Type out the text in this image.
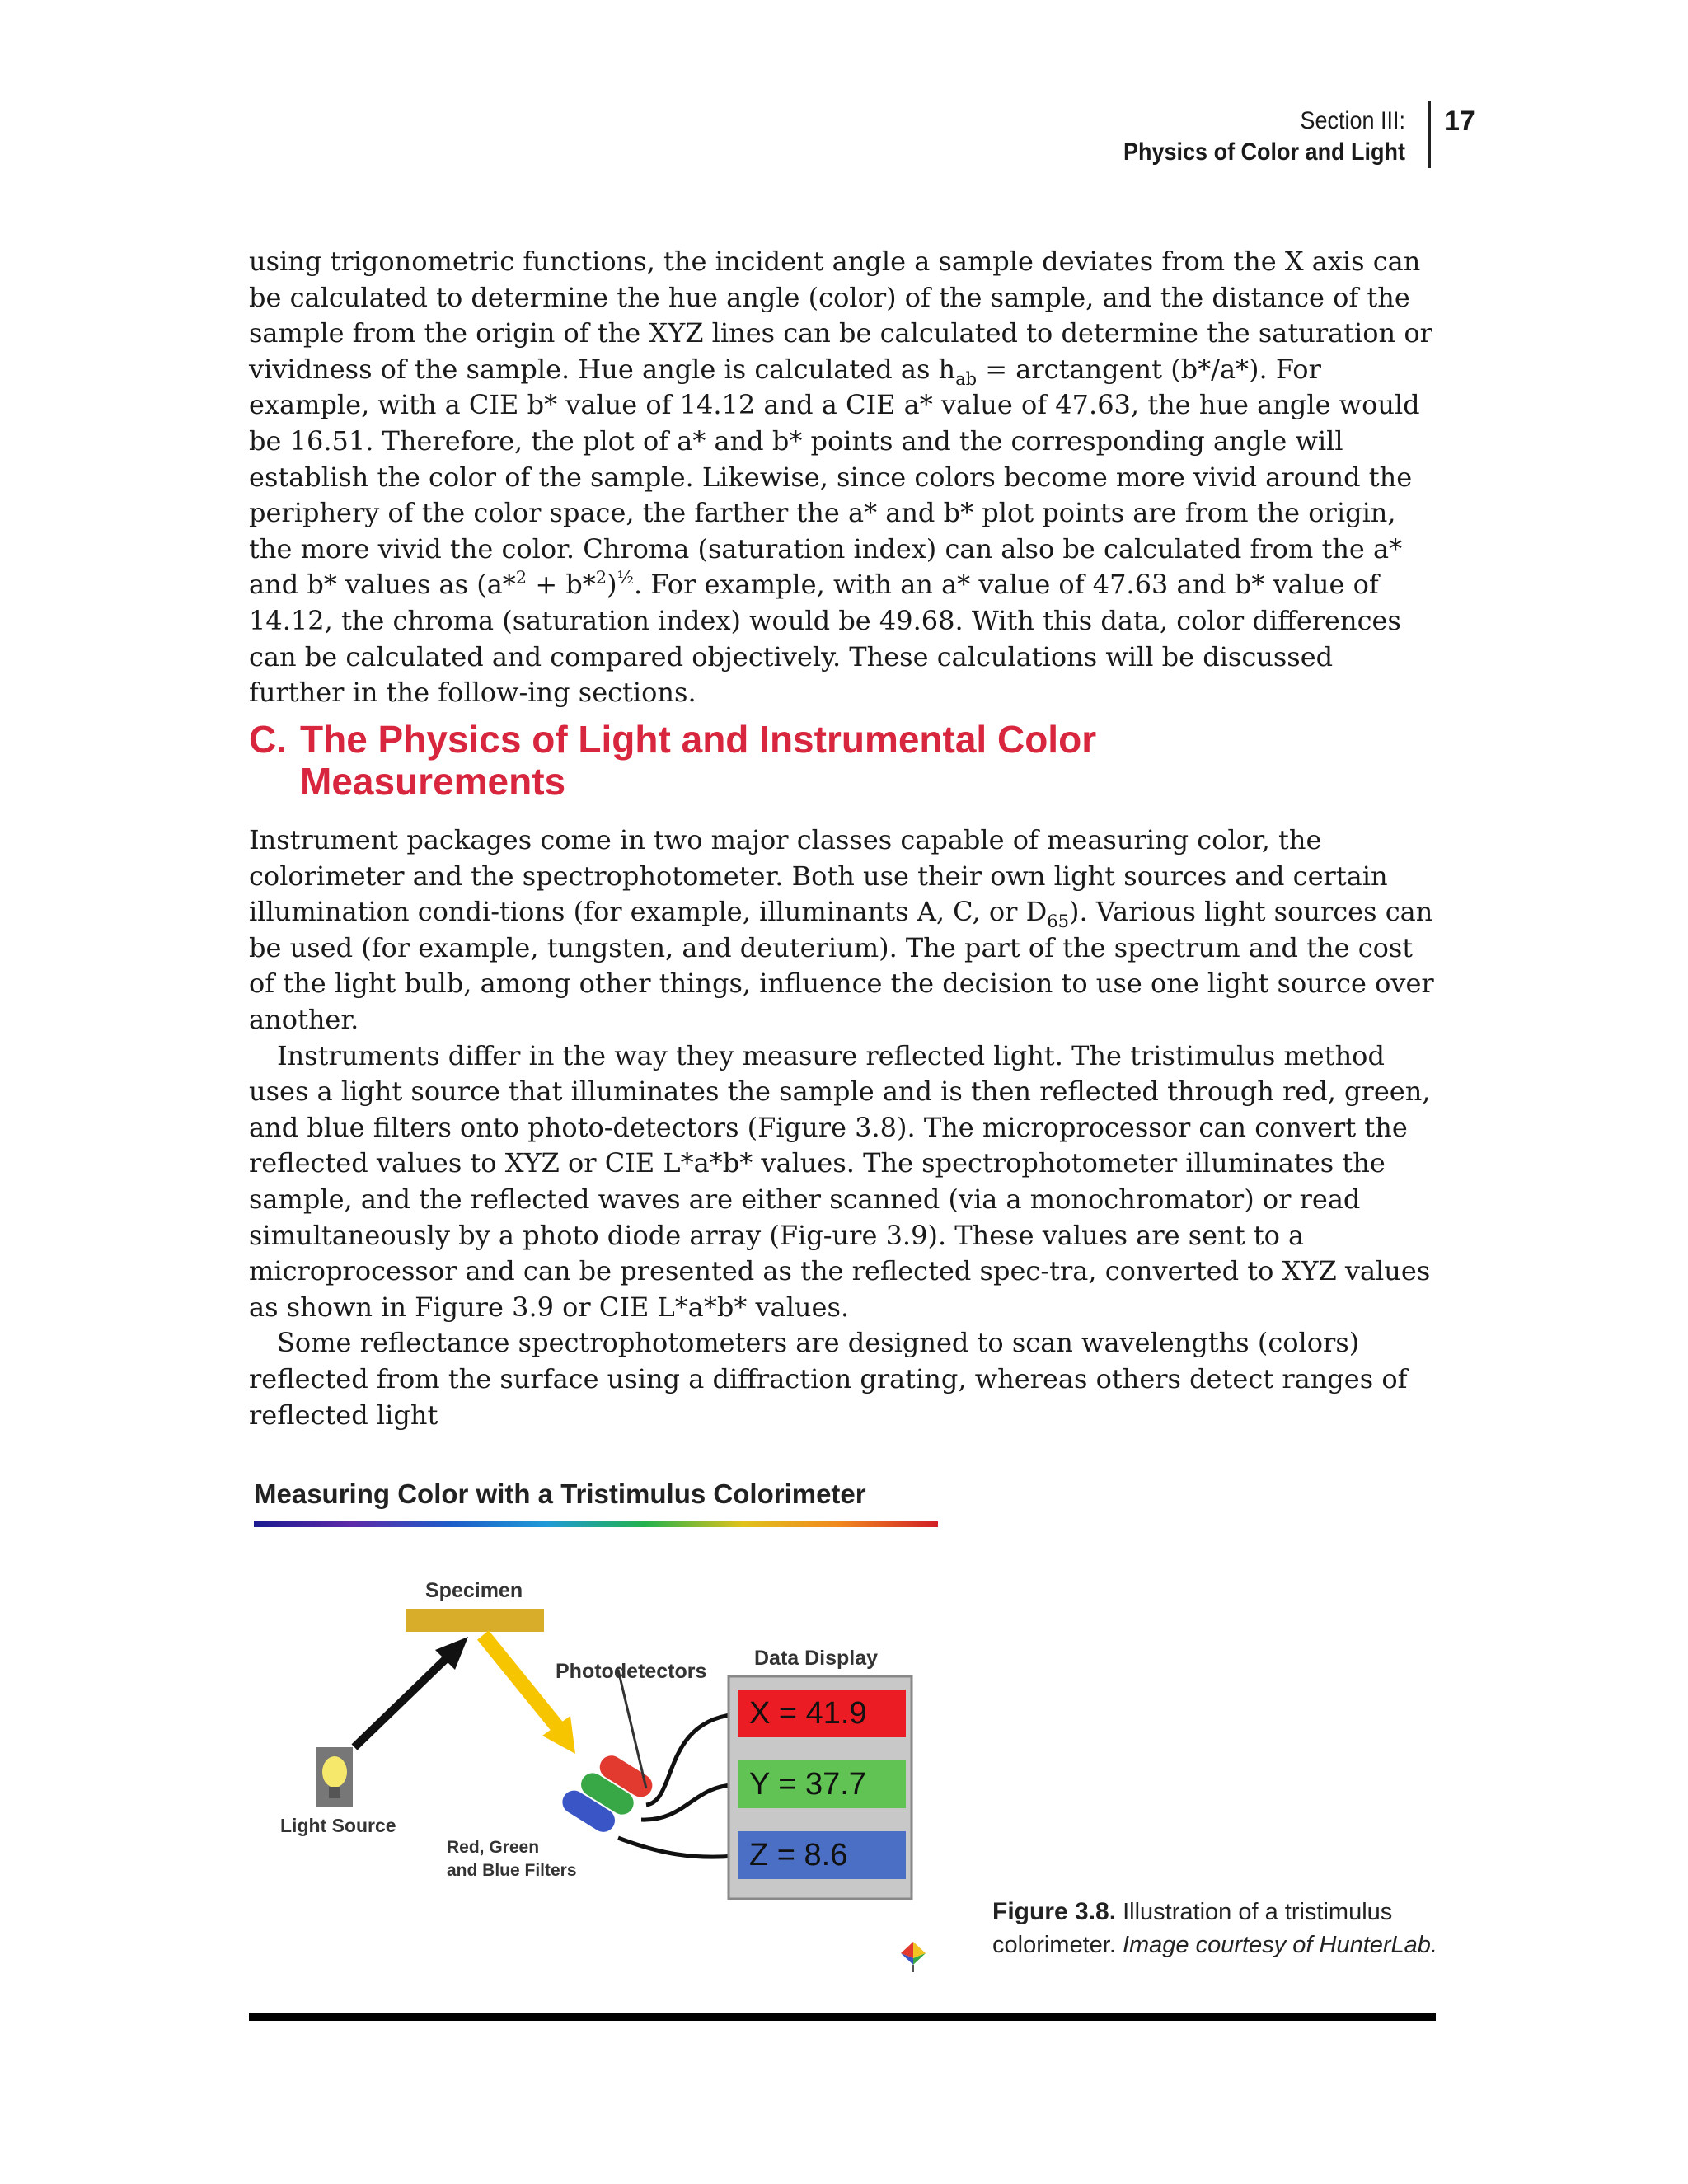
Section III:
Physics of Color and Light
17

using trigonometric functions, the incident angle a sample deviates from the X axis can be calculated to determine the hue angle (color) of the sample, and the distance of the sample from the origin of the XYZ lines can be calculated to determine the saturation or vividness of the sample. Hue angle is calculated as $h_{ab}$ = arctangent (b*/a*). For example, with a CIE b* value of 14.12 and a CIE a* value of 47.63, the hue angle would be 16.51. Therefore, the plot of a* and b* points and the corresponding angle will establish the color of the sample. Likewise, since colors become more vivid around the periphery of the color space, the farther the a* and b* plot points are from the origin, the more vivid the color. Chroma (saturation index) can also be calculated from the a* and b* values as $(a*^2 + b*^2)^{\frac{1}{2}}$. For example, with an a* value of 47.63 and b* value of 14.12, the chroma (saturation index) would be 49.68. With this data, color differences can be calculated and compared objectively. These calculations will be discussed further in the follow-ing sections.

C. The Physics of Light and Instrumental Color Measurements

Instrument packages come in two major classes capable of measuring color, the colorimeter and the spectrophotometer. Both use their own light sources and certain illumination condi-tions (for example, illuminants A, C, or $D_{65}$). Various light sources can be used (for example, tungsten, and deuterium). The part of the spectrum and the cost of the light bulb, among other things, influence the decision to use one light source over another.

Instruments differ in the way they measure reflected light. The tristimulus method uses a light source that illuminates the sample and is then reflected through red, green, and blue filters onto photo-detectors (Figure 3.8). The microprocessor can convert the reflected values to XYZ or CIE L*a*b* values. The spectrophotometer illuminates the sample, and the reflected waves are either scanned (via a monochromator) or read simultaneously by a photo diode array (Fig-ure 3.9). These values are sent to a microprocessor and can be presented as the reflected spec-tra, converted to XYZ values as shown in Figure 3.9 or CIE L*a*b* values.

Some reflectance spectrophotometers are designed to scan wavelengths (colors) reflected from the surface using a diffraction grating, whereas others detect ranges of reflected light

Measuring Color with a Tristimulus Colorimeter
Specimen
Photodetectors
Data Display
Light Source
Red, Green
and Blue Filters
X = 41.9
Y = 37.7
Z = 8.6
Figure 3.8. Illustration of a tristimulus colorimeter. Image courtesy of HunterLab.
